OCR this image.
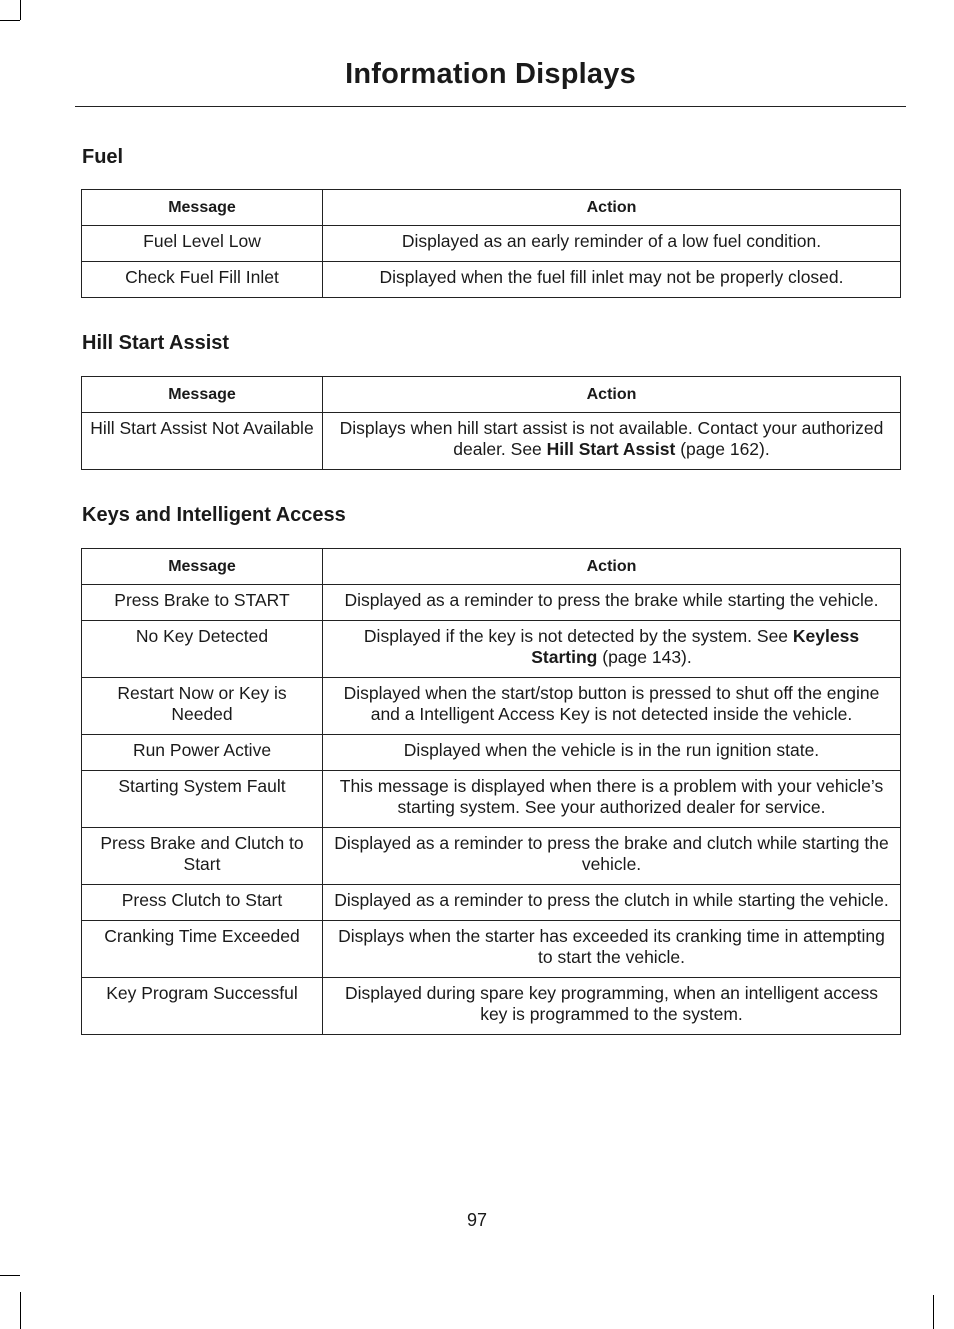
Information Displays
Fuel
Message	Action
Fuel Level Low	Displayed as an early reminder of a low fuel condition.
Check Fuel Fill Inlet	Displayed when the fuel fill inlet may not be properly closed.
Hill Start Assist
Message	Action
Hill Start Assist Not Available	Displays when hill start assist is not available. Contact your authorized dealer. See Hill Start Assist (page 162).
Keys and Intelligent Access
Message	Action
Press Brake to START	Displayed as a reminder to press the brake while starting the vehicle.
No Key Detected	Displayed if the key is not detected by the system. See Keyless Starting (page 143).
Restart Now or Key is Needed	Displayed when the start/stop button is pressed to shut off the engine and a Intelligent Access Key is not detected inside the vehicle.
Run Power Active	Displayed when the vehicle is in the run ignition state.
Starting System Fault	This message is displayed when there is a problem with your vehicle’s starting system. See your authorized dealer for service.
Press Brake and Clutch to Start	Displayed as a reminder to press the brake and clutch while starting the vehicle.
Press Clutch to Start	Displayed as a reminder to press the clutch in while starting the vehicle.
Cranking Time Exceeded	Displays when the starter has exceeded its cranking time in attempting to start the vehicle.
Key Program Successful	Displayed during spare key programming, when an intelligent access key is programmed to the system.
97
